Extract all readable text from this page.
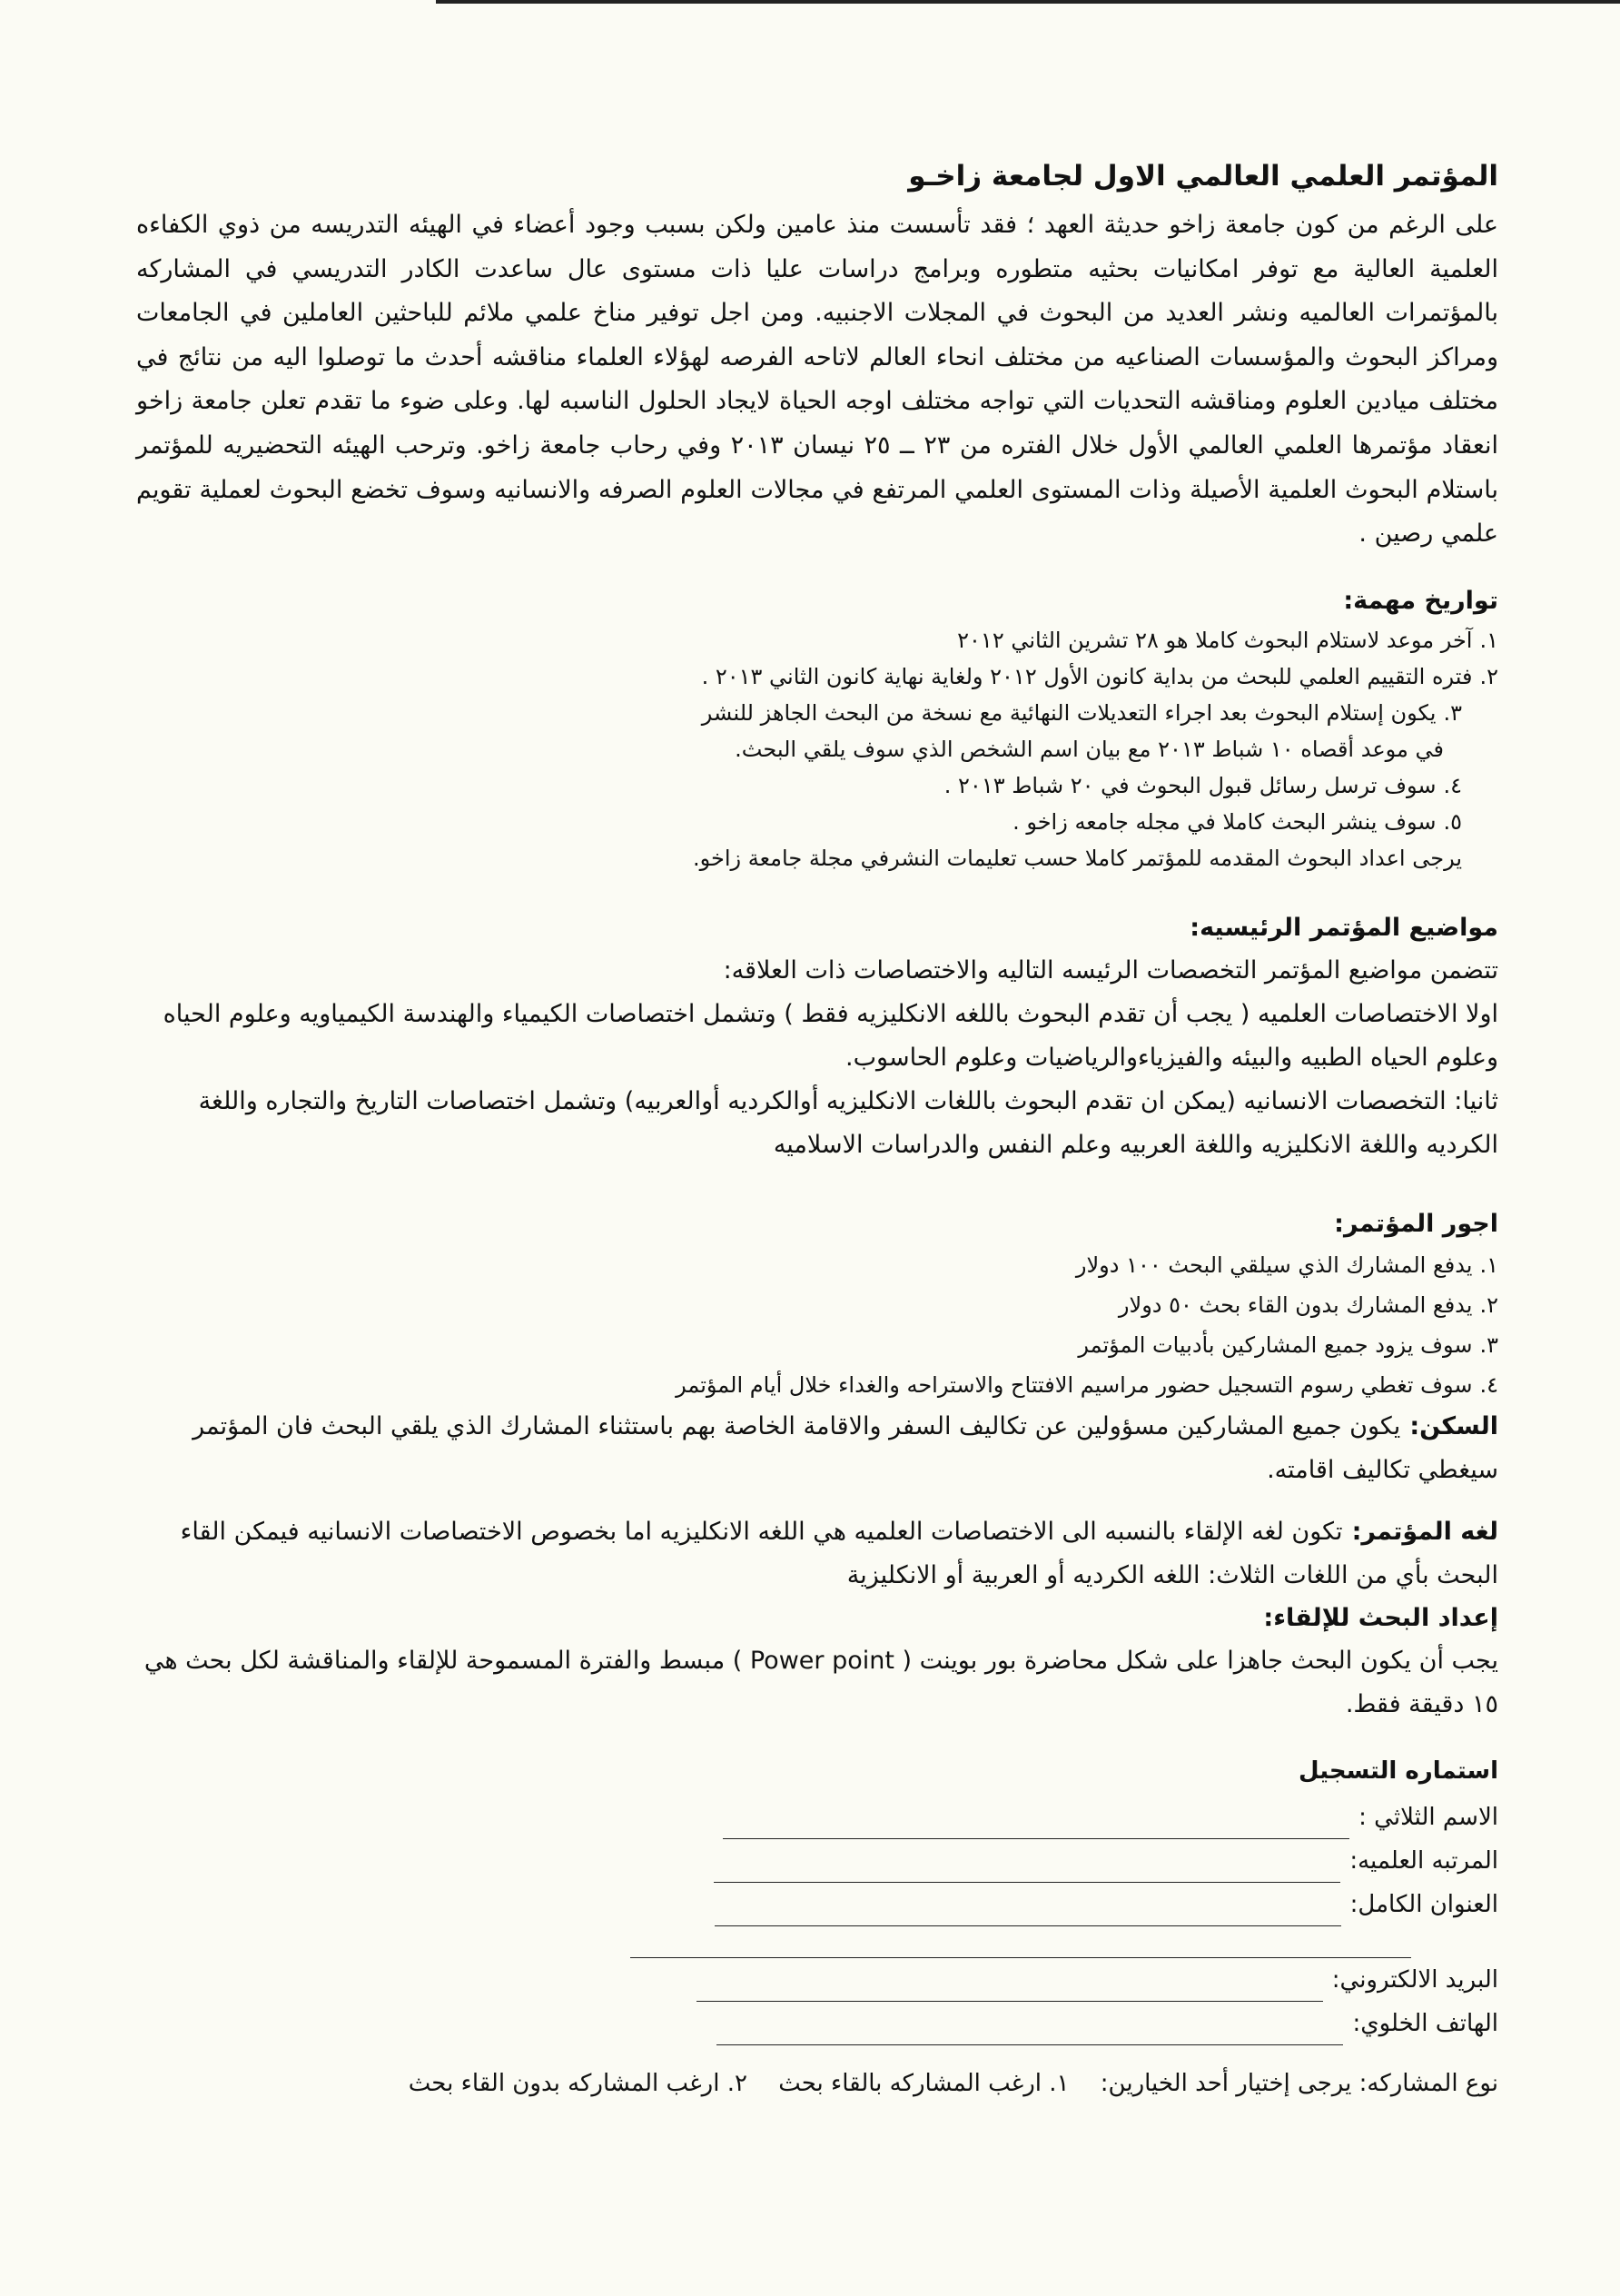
المؤتمر العلمي العالمي الاول لجامعة زاخـو

على الرغم من كون جامعة زاخو حديثة العهد ؛ فقد تأسست منذ عامين ولكن بسبب وجود أعضاء في الهيئه التدريسه من ذوي الكفاءه العلمية العالية مع توفر امكانيات بحثيه متطوره وبرامج دراسات عليا ذات مستوى عال ساعدت الكادر التدريسي في المشاركه بالمؤتمرات العالميه ونشر العديد من البحوث في المجلات الاجنبيه. ومن اجل توفير مناخ علمي ملائم للباحثين العاملين في الجامعات ومراكز البحوث والمؤسسات الصناعيه من مختلف انحاء العالم لاتاحه الفرصه لهؤلاء العلماء مناقشه أحدث ما توصلوا اليه من نتائج في مختلف ميادين العلوم ومناقشه التحديات التي تواجه مختلف اوجه الحياة لايجاد الحلول الناسبه لها. وعلى ضوء ما تقدم تعلن جامعة زاخو انعقاد مؤتمرها العلمي العالمي الأول خلال الفتره من ٢٣ ــ ٢٥ نيسان ٢٠١٣ وفي رحاب جامعة زاخو. وترحب الهيئه التحضيريه للمؤتمر باستلام البحوث العلمية الأصيلة وذات المستوى العلمي المرتفع في مجالات العلوم الصرفه والانسانيه وسوف تخضع البحوث لعملية تقويم علمي رصين .

تواريخ مهمة:

١.آخر موعد لاستلام البحوث كاملا هو ٢٨ تشرين الثاني ٢٠١٢

٢.فتره التقييم العلمي للبحث من بداية كانون الأول ٢٠١٢ ولغاية نهاية كانون الثاني ٢٠١٣ .

٣.يكون إستلام البحوث بعد اجراء التعديلات النهائية مع نسخة من البحث الجاهز للنشر

في موعد أقصاه ١٠ شباط ٢٠١٣ مع بيان اسم الشخص الذي سوف يلقي البحث.

٤.سوف ترسل رسائل قبول البحوث في ٢٠ شباط ٢٠١٣ .

٥.سوف ينشر البحث كاملا في مجله جامعه زاخو .

يرجى اعداد البحوث المقدمه للمؤتمر كاملا حسب تعليمات النشرفي مجلة جامعة زاخو.

مواضيع المؤتمر الرئيسيه:

تتضمن مواضيع المؤتمر التخصصات الرئيسه التاليه والاختصاصات ذات العلاقه:

اولا الاختصاصات العلميه ( يجب أن تقدم البحوث باللغه الانكليزيه فقط ) وتشمل اختصاصات الكيمياء والهندسة الكيمياويه وعلوم الحياه وعلوم الحياه الطبيه والبيئه والفيزياءوالرياضيات وعلوم الحاسوب.

ثانيا: التخصصات الانسانيه (يمكن ان تقدم البحوث باللغات الانكليزيه أوالكرديه أوالعربيه) وتشمل اختصاصات التاريخ والتجاره واللغة الكرديه واللغة الانكليزيه واللغة العربيه وعلم النفس والدراسات الاسلاميه

اجور المؤتمر:

١.يدفع المشارك الذي سيلقي البحث ١٠٠ دولار

٢.يدفع المشارك بدون القاء بحث ٥٠ دولار

٣.سوف يزود جميع المشاركين بأدبيات المؤتمر

٤.سوف تغطي رسوم التسجيل حضور مراسيم الافتتاح والاستراحه والغداء خلال أيام المؤتمر

السكن:يكون جميع المشاركين مسؤولين عن تكاليف السفر والاقامة الخاصة بهم باستثناء المشارك الذي يلقي البحث فان المؤتمر سيغطي تكاليف اقامته.

لغه المؤتمر:تكون لغه الإلقاء بالنسبه الى الاختصاصات العلميه هي اللغه الانكليزيه اما بخصوص الاختصاصات الانسانيه فيمكن القاء البحث بأي من اللغات الثلاث: اللغه الكرديه أو العربية أو الانكليزية

إعداد البحث للإلقاء:

يجب أن يكون البحث جاهزا على شكل محاضرة بور بوينت ( Power point ) مبسط والفترة المسموحة للإلقاء والمناقشة لكل بحث هي ١٥ دقيقة فقط.

استماره التسجيل
الاسم الثلاثي :
المرتبه العلميه:
العنوان الكامل:
البريد الالكتروني:
الهاتف الخلوي:
نوع المشاركه: يرجى إختيار أحد الخيارين: ١. ارغب المشاركه بالقاء بحث ٢. ارغب المشاركه بدون القاء بحث
